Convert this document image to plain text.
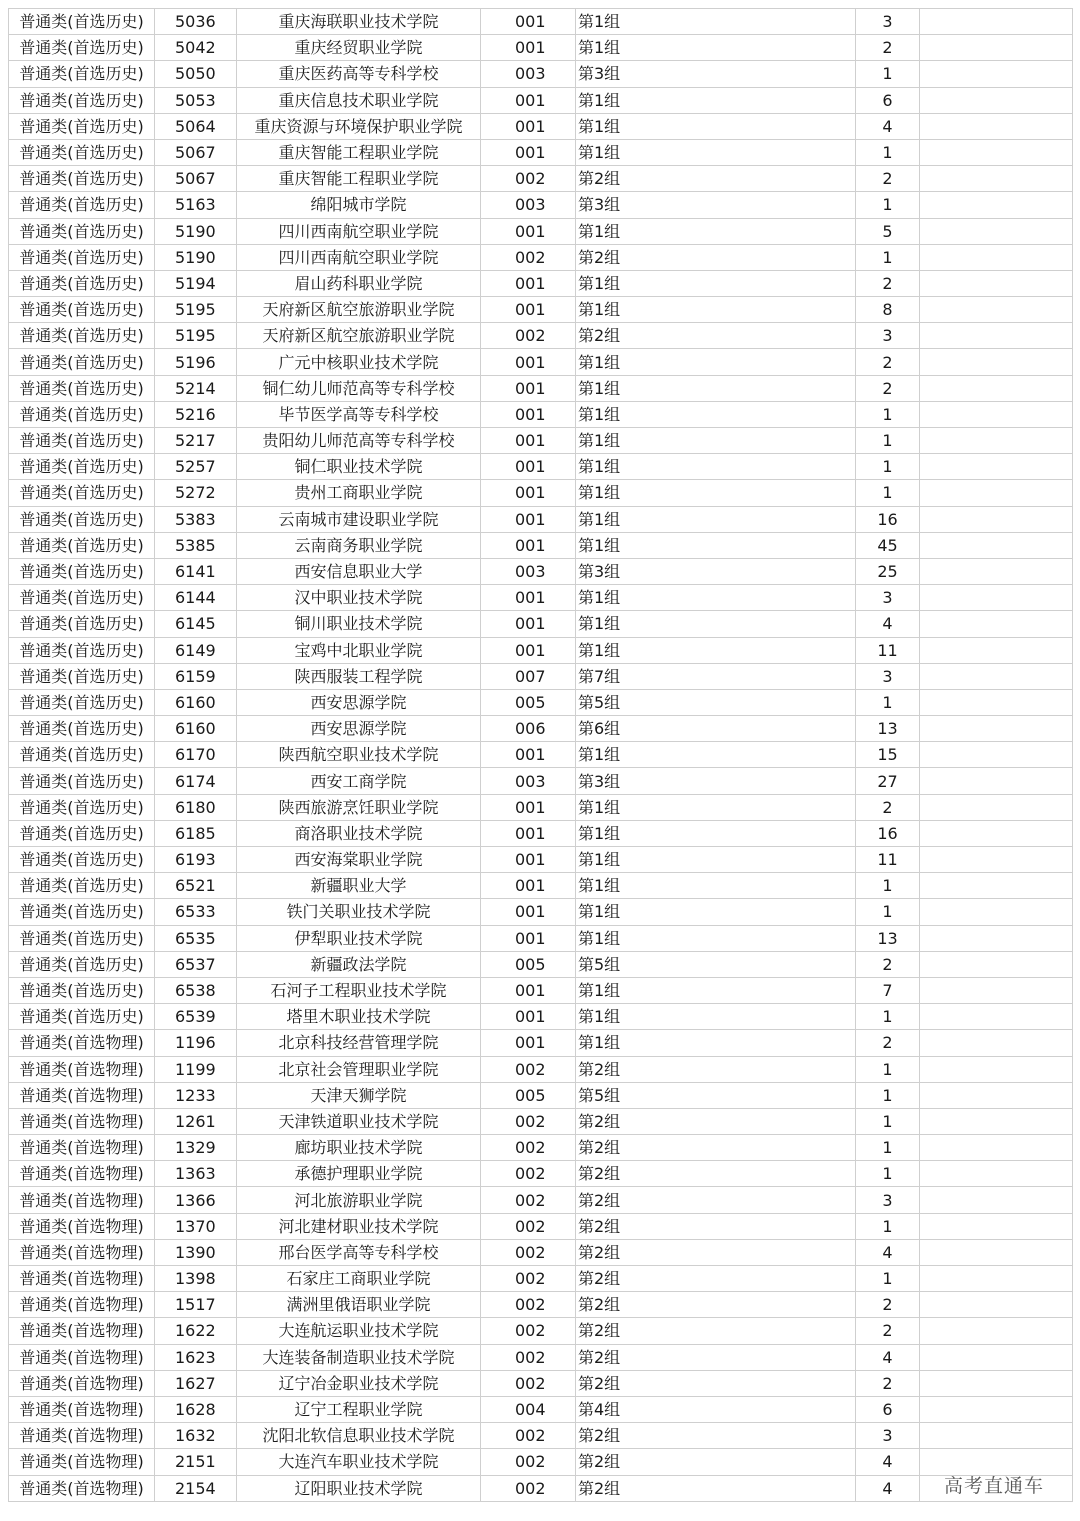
普通类(首选历史)	5036	重庆海联职业技术学院	001	第1组		3	
普通类(首选历史)	5042	重庆经贸职业学院	001	第1组		2	
普通类(首选历史)	5050	重庆医药高等专科学校	003	第3组		1	
普通类(首选历史)	5053	重庆信息技术职业学院	001	第1组		6	
普通类(首选历史)	5064	重庆资源与环境保护职业学院	001	第1组		4	
普通类(首选历史)	5067	重庆智能工程职业学院	001	第1组		1	
普通类(首选历史)	5067	重庆智能工程职业学院	002	第2组		2	
普通类(首选历史)	5163	绵阳城市学院	003	第3组		1	
普通类(首选历史)	5190	四川西南航空职业学院	001	第1组		5	
普通类(首选历史)	5190	四川西南航空职业学院	002	第2组		1	
普通类(首选历史)	5194	眉山药科职业学院	001	第1组		2	
普通类(首选历史)	5195	天府新区航空旅游职业学院	001	第1组		8	
普通类(首选历史)	5195	天府新区航空旅游职业学院	002	第2组		3	
普通类(首选历史)	5196	广元中核职业技术学院	001	第1组		2	
普通类(首选历史)	5214	铜仁幼儿师范高等专科学校	001	第1组		2	
普通类(首选历史)	5216	毕节医学高等专科学校	001	第1组		1	
普通类(首选历史)	5217	贵阳幼儿师范高等专科学校	001	第1组		1	
普通类(首选历史)	5257	铜仁职业技术学院	001	第1组		1	
普通类(首选历史)	5272	贵州工商职业学院	001	第1组		1	
普通类(首选历史)	5383	云南城市建设职业学院	001	第1组		16	
普通类(首选历史)	5385	云南商务职业学院	001	第1组		45	
普通类(首选历史)	6141	西安信息职业大学	003	第3组		25	
普通类(首选历史)	6144	汉中职业技术学院	001	第1组		3	
普通类(首选历史)	6145	铜川职业技术学院	001	第1组		4	
普通类(首选历史)	6149	宝鸡中北职业学院	001	第1组		11	
普通类(首选历史)	6159	陕西服装工程学院	007	第7组		3	
普通类(首选历史)	6160	西安思源学院	005	第5组		1	
普通类(首选历史)	6160	西安思源学院	006	第6组		13	
普通类(首选历史)	6170	陕西航空职业技术学院	001	第1组		15	
普通类(首选历史)	6174	西安工商学院	003	第3组		27	
普通类(首选历史)	6180	陕西旅游烹饪职业学院	001	第1组		2	
普通类(首选历史)	6185	商洛职业技术学院	001	第1组		16	
普通类(首选历史)	6193	西安海棠职业学院	001	第1组		11	
普通类(首选历史)	6521	新疆职业大学	001	第1组		1	
普通类(首选历史)	6533	铁门关职业技术学院	001	第1组		1	
普通类(首选历史)	6535	伊犁职业技术学院	001	第1组		13	
普通类(首选历史)	6537	新疆政法学院	005	第5组		2	
普通类(首选历史)	6538	石河子工程职业技术学院	001	第1组		7	
普通类(首选历史)	6539	塔里木职业技术学院	001	第1组		1	
普通类(首选物理)	1196	北京科技经营管理学院	001	第1组		2	
普通类(首选物理)	1199	北京社会管理职业学院	002	第2组		1	
普通类(首选物理)	1233	天津天狮学院	005	第5组		1	
普通类(首选物理)	1261	天津铁道职业技术学院	002	第2组		1	
普通类(首选物理)	1329	廊坊职业技术学院	002	第2组		1	
普通类(首选物理)	1363	承德护理职业学院	002	第2组		1	
普通类(首选物理)	1366	河北旅游职业学院	002	第2组		3	
普通类(首选物理)	1370	河北建材职业技术学院	002	第2组		1	
普通类(首选物理)	1390	邢台医学高等专科学校	002	第2组		4	
普通类(首选物理)	1398	石家庄工商职业学院	002	第2组		1	
普通类(首选物理)	1517	满洲里俄语职业学院	002	第2组		2	
普通类(首选物理)	1622	大连航运职业技术学院	002	第2组		2	
普通类(首选物理)	1623	大连装备制造职业技术学院	002	第2组		4	
普通类(首选物理)	1627	辽宁冶金职业技术学院	002	第2组		2	
普通类(首选物理)	1628	辽宁工程职业学院	004	第4组		6	
普通类(首选物理)	1632	沈阳北软信息职业技术学院	002	第2组		3	
普通类(首选物理)	2151	大连汽车职业技术学院	002	第2组		4	
普通类(首选物理)	2154	辽阳职业技术学院	002	第2组		4		高考直通车
